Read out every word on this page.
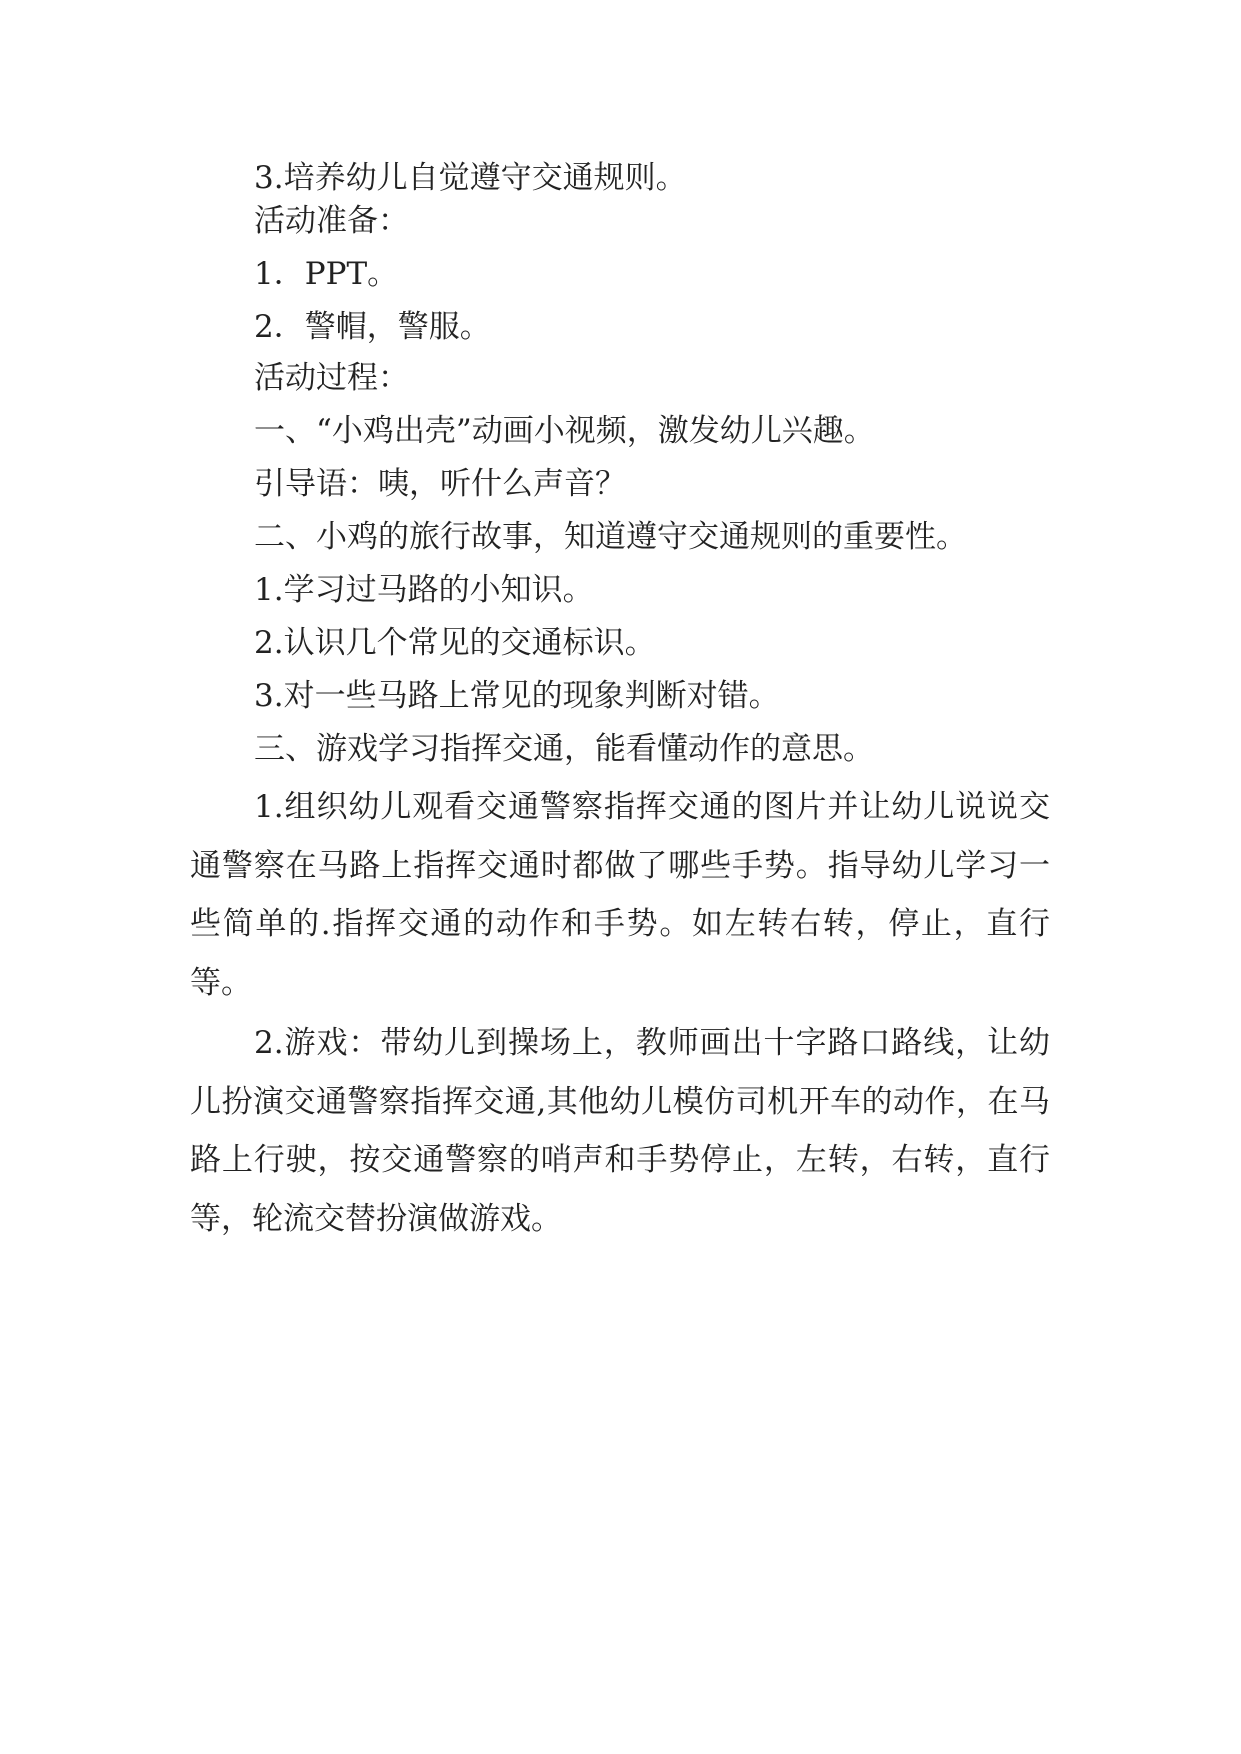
3.培养幼儿自觉遵守交通规则。
活动准备：
1．PPT。
2．警帽，警服。
活动过程：
一、“小鸡出壳”动画小视频，激发幼儿兴趣。
引导语：咦，听什么声音？
二、小鸡的旅行故事，知道遵守交通规则的重要性。
1.学习过马路的小知识。
2.认识几个常见的交通标识。
3.对一些马路上常见的现象判断对错。
三、游戏学习指挥交通，能看懂动作的意思。
1.组织幼儿观看交通警察指挥交通的图片并让幼儿说说交通警察在马路上指挥交通时都做了哪些手势。指导幼儿学习一些简单的.指挥交通的动作和手势。如左转右转，停止，直行等。
2.游戏：带幼儿到操场上，教师画出十字路口路线，让幼儿扮演交通警察指挥交通,其他幼儿模仿司机开车的动作，在马路上行驶，按交通警察的哨声和手势停止，左转，右转，直行等，轮流交替扮演做游戏。
